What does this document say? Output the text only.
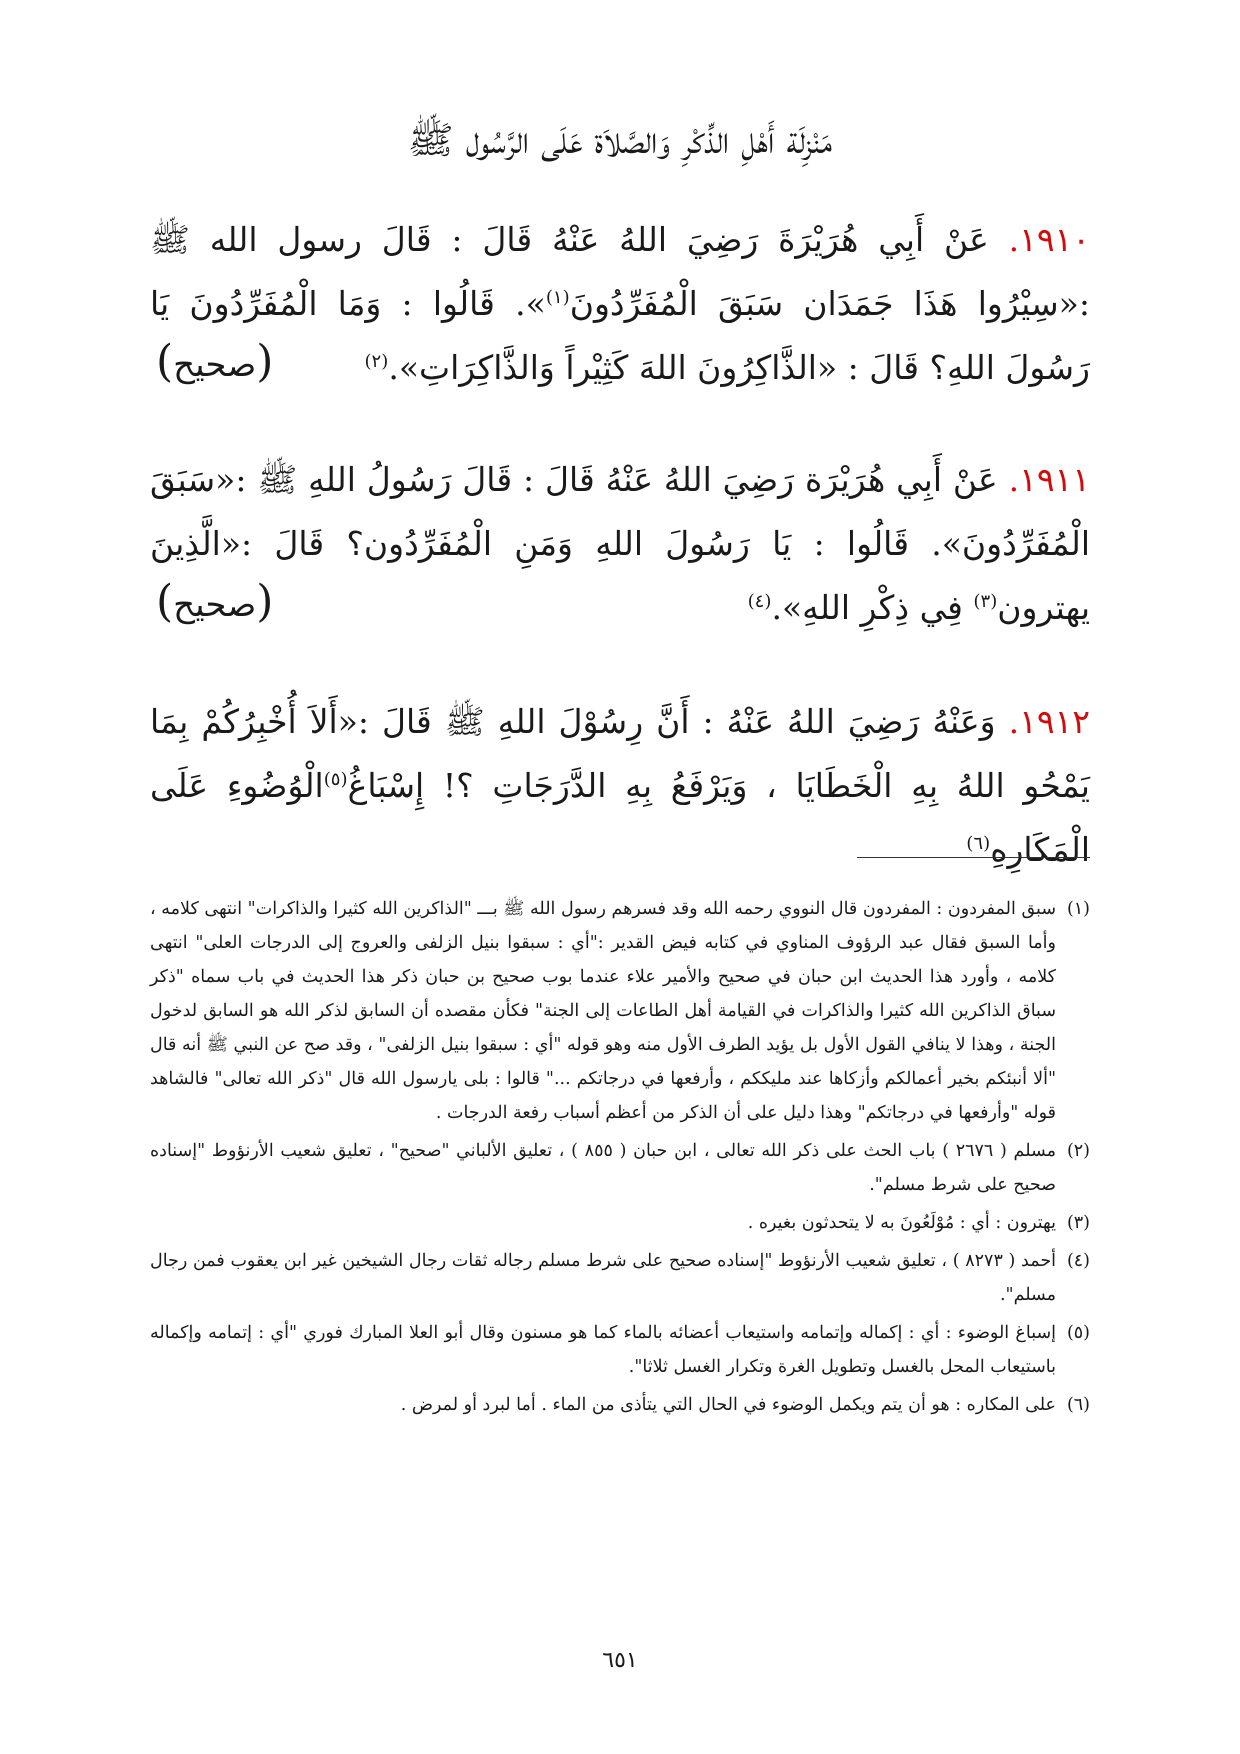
مَنْزِلَة أَهْلِ الذِّكْرِ وَالصَّلاَة عَلَى الرَّسُول ﷺ
١٩١٠. عَنْ أَبِي هُرَيْرَةَ رَضِيَ اللهُ عَنْهُ قَالَ : قَالَ رسول الله ﷺ :«سِيْرُوا هَذَا جَمَدَان سَبَقَ الْمُفَرِّدُونَ$^{(١)}$». قَالُوا : وَمَا الْمُفَرِّدُونَ يَا رَسُولَ اللهِ؟ قَالَ : «الذَّاكِرُونَ اللهَ كَثِيْراً وَالذَّاكِرَاتِ».$^{(٢)}$
(صحيح)
١٩١١. عَنْ أَبِي هُرَيْرَة رَضِيَ اللهُ عَنْهُ قَالَ : قَالَ رَسُولُ اللهِ ﷺ :«سَبَقَ الْمُفَرِّدُونَ». قَالُوا : يَا رَسُولَ اللهِ وَمَنِ الْمُفَرِّدُون؟ قَالَ :«الَّذِينَ يهترون$^{(٣)}$ فِي ذِكْرِ اللهِ».$^{(٤)}$
(صحيح)
١٩١٢. وَعَنْهُ رَضِيَ اللهُ عَنْهُ : أَنَّ رِسُوْلَ اللهِ ﷺ قَالَ :«أَلاَ أُخْبِرُكُمْ بِمَا يَمْحُو اللهُ بِهِ الْخَطَايَا ، وَيَرْفَعُ بِهِ الدَّرَجَاتِ ؟! إِسْبَاغُ$^{(٥)}$الْوُضُوءِ عَلَى الْمَكَارِهِ$^{(٦)}$
(١)
سبق المفردون : المفردون قال النووي رحمه الله وقد فسرهم رسول الله ﷺ بـــ "الذاكرين الله كثيرا والذاكرات" انتهى كلامه ، وأما السبق فقال عبد الرؤوف المناوي في كتابه فيض القدير :"أي : سبقوا بنيل الزلفى والعروج إلى الدرجات العلى" انتهى كلامه ، وأورد هذا الحديث ابن حبان في صحيح والأمير علاء عندما بوب صحيح بن حبان ذكر هذا الحديث في باب سماه "ذكر سباق الذاكرين الله كثيرا والذاكرات في القيامة أهل الطاعات إلى الجنة" فكأن مقصده أن السابق لذكر الله هو السابق لدخول الجنة ، وهذا لا ينافي القول الأول بل يؤيد الطرف الأول منه وهو قوله "أي : سبقوا بنيل الزلفى" ، وقد صح عن النبي ﷺ أنه قال "ألا أنبئكم بخير أعمالكم وأزكاها عند مليككم ، وأرفعها في درجاتكم ..." قالوا : بلى يارسول الله قال "ذكر الله تعالى" فالشاهد قوله "وأرفعها في درجاتكم" وهذا دليل على أن الذكر من أعظم أسباب رفعة الدرجات .
(٢)
مسلم ( ٢٦٧٦ ) باب الحث على ذكر الله تعالى ، ابن حبان ( ٨٥٥ ) ، تعليق الألباني "صحيح" ، تعليق شعيب الأرنؤوط "إسناده صحيح على شرط مسلم".
(٣)
يهترون : أي : مُوْلَعُونَ به لا يتحدثون بغيره .
(٤)
أحمد ( ٨٢٧٣ ) ، تعليق شعيب الأرنؤوط "إسناده صحيح على شرط مسلم رجاله ثقات رجال الشيخين غير ابن يعقوب فمن رجال مسلم".
(٥)
إسباغ الوضوء : أي : إكماله وإتمامه واستيعاب أعضائه بالماء كما هو مسنون وقال أبو العلا المبارك فوري "أي : إتمامه وإكماله باستيعاب المحل بالغسل وتطويل الغرة وتكرار الغسل ثلاثا".
(٦)
على المكاره : هو أن يتم ويكمل الوضوء في الحال التي يتأذى من الماء . أما لبرد أو لمرض .
٦٥١
